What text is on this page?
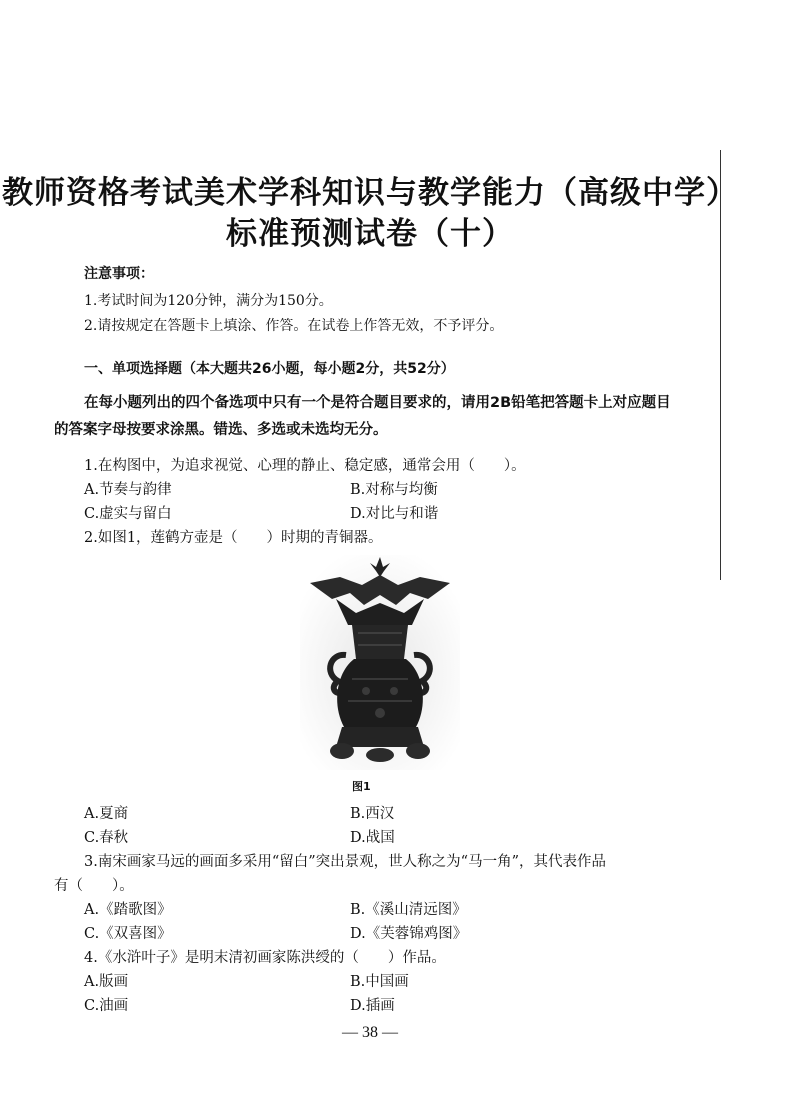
教师资格考试美术学科知识与教学能力（高级中学）
标准预测试卷（十）
注意事项：
1.考试时间为120分钟，满分为150分。
2.请按规定在答题卡上填涂、作答。在试卷上作答无效，不予评分。
一、单项选择题（本大题共26小题，每小题2分，共52分）
在每小题列出的四个备选项中只有一个是符合题目要求的，请用2B铅笔把答题卡上对应题目的答案字母按要求涂黑。错选、多选或未选均无分。
1.在构图中，为追求视觉、心理的静止、稳定感，通常会用（　　）。
A.节奏与韵律	B.对称与均衡
C.虚实与留白	D.对比与和谐
2.如图1，莲鹤方壶是（　　）时期的青铜器。
图1
A.夏商	B.西汉
C.春秋	D.战国
3.南宋画家马远的画面多采用“留白”突出景观，世人称之为“马一角”，其代表作品
有（　　）。
A.《踏歌图》	B.《溪山清远图》
C.《双喜图》	D.《芙蓉锦鸡图》
4.《水浒叶子》是明末清初画家陈洪绶的（　　）作品。
A.版画	B.中国画
C.油画	D.插画
— 38 —
